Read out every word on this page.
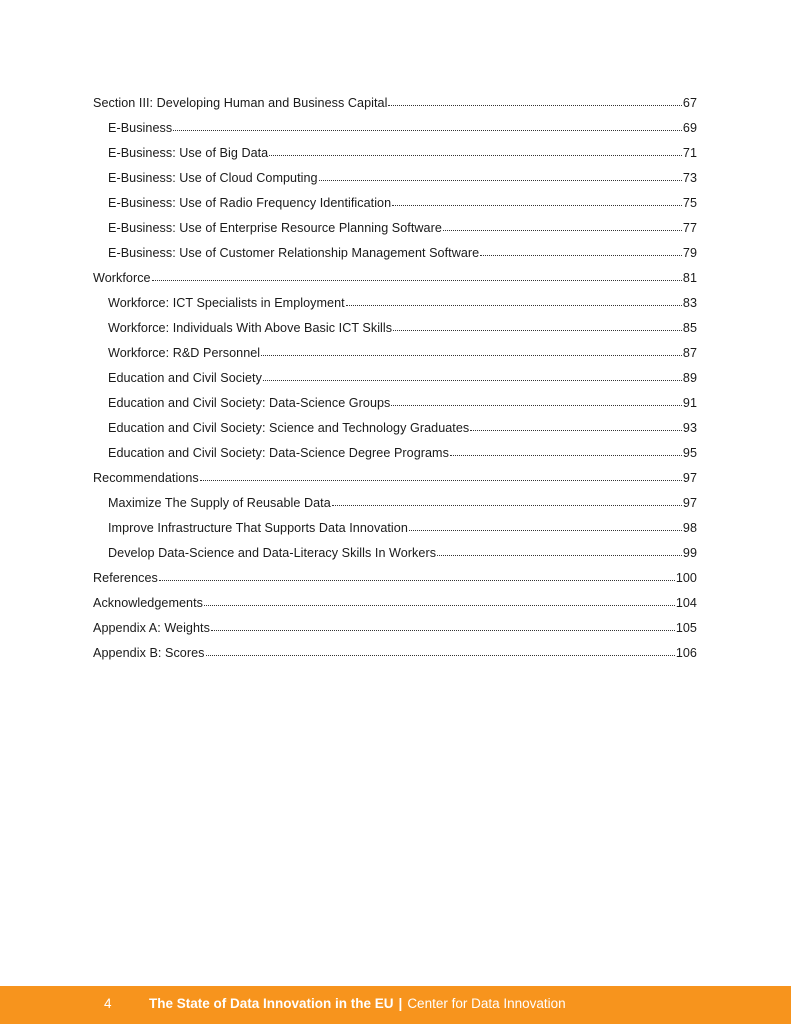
Section III: Developing Human and Business Capital	67
E-Business	69
E-Business: Use of Big Data	71
E-Business: Use of Cloud Computing	73
E-Business: Use of Radio Frequency Identification	75
E-Business: Use of Enterprise Resource Planning Software	77
E-Business: Use of Customer Relationship Management Software	79
Workforce	81
Workforce: ICT Specialists in Employment	83
Workforce: Individuals With Above Basic ICT Skills	85
Workforce: R&D Personnel	87
Education and Civil Society	89
Education and Civil Society: Data-Science Groups	91
Education and Civil Society: Science and Technology Graduates	93
Education and Civil Society: Data-Science Degree Programs	95
Recommendations	97
Maximize The Supply of Reusable Data	97
Improve Infrastructure That Supports Data Innovation	98
Develop Data-Science and Data-Literacy Skills In Workers	99
References	100
Acknowledgements	104
Appendix A: Weights	105
Appendix B: Scores	106
4	The State of Data Innovation in the EU | Center for Data Innovation
